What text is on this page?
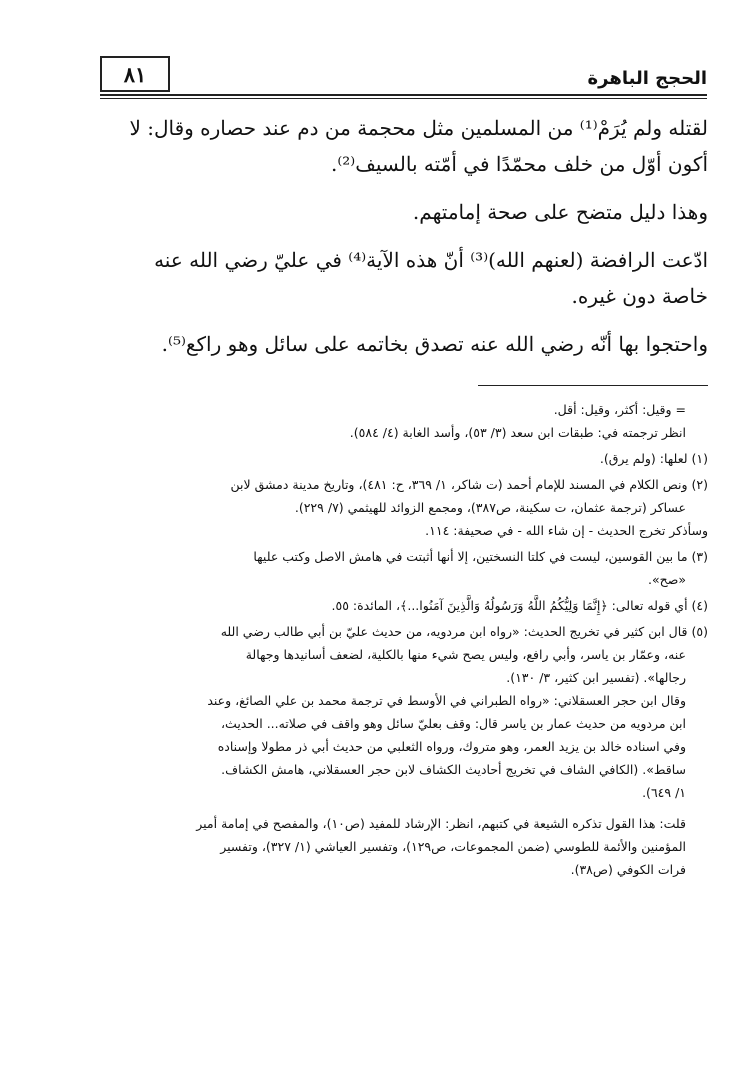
٨١	الحجج الباهرة

لقتله ولم يُرَمْ⁽¹⁾ من المسلمين مثل محجمة من دم عند حصاره وقال: لا

أكون أوّل من خلف محمّدًا في أمّته بالسيف⁽²⁾.

وهذا دليل متضح على صحة إمامتهم.

ادّعت الرافضة (لعنهم الله)⁽³⁾ أنّ هذه الآية⁽⁴⁾ في عليّ رضي الله عنه

خاصة دون غيره.

واحتجوا بها أنّه رضي الله عنه تصدق بخاتمه على سائل وهو راكع⁽⁵⁾.

= وقيل: أكثر، وقيل: أقل.

انظر ترجمته في: طبقات ابن سعد (٣/ ٥٣)، وأسد الغابة (٤/ ٥٨٤).

(١) لعلها: (ولم يرق).

(٢) ونص الكلام في المسند للإمام أحمد (ت شاكر، ١/ ٣٦٩، ح: ٤٨١)، وتاريخ مدينة دمشق لابن

عساكر (ترجمة عثمان، ت سكينة، ص٣٨٧)، ومجمع الزوائد للهيثمي (٧/ ٢٢٩).

وسأذكر تخرج الحديث - إن شاء الله - في صحيفة: ١١٤.

(٣) ما بين القوسين، ليست في كلتا النسختين، إلا أنها أثبتت في هامش الاصل وكتب عليها

«صح».

(٤) أي قوله تعالى: ﴿إِنَّمَا وَلِيُّكُمُ اللَّهُ وَرَسُولُهُ وَالَّذِينَ آمَنُوا...﴾، المائدة: ٥٥.

(٥) قال ابن كثير في تخريج الحديث: «رواه ابن مردويه، من حديث عليّ بن أبي طالب رضي الله

عنه، وعمّار بن ياسر، وأبي رافع، وليس يصح شيء منها بالكلية، لضعف أسانيدها وجهالة

رجالها». (تفسير ابن كثير، ٣/ ١٣٠).

وقال ابن حجر العسقلاني: «رواه الطبراني في الأوسط في ترجمة محمد بن علي الصائغ، وعند

ابن مردويه من حديث عمار بن ياسر قال: وقف بعليّ سائل وهو واقف في صلاته... الحديث،

وفي اسناده خالد بن يزيد العمر، وهو متروك، ورواه الثعلبي من حديث أبي ذر مطولا وإسناده

ساقط». (الكافي الشاف في تخريج أحاديث الكشاف لابن حجر العسقلاني، هامش الكشاف.

١/ ٦٤٩).

قلت: هذا القول تذكره الشيعة في كتبهم، انظر: الإرشاد للمفيد (ص١٠)، والمفصح في إمامة أمير

المؤمنين والأئمة للطوسي (ضمن المجموعات، ص١٢٩)، وتفسير العياشي (١/ ٣٢٧)، وتفسير

فرات الكوفي (ص٣٨).
